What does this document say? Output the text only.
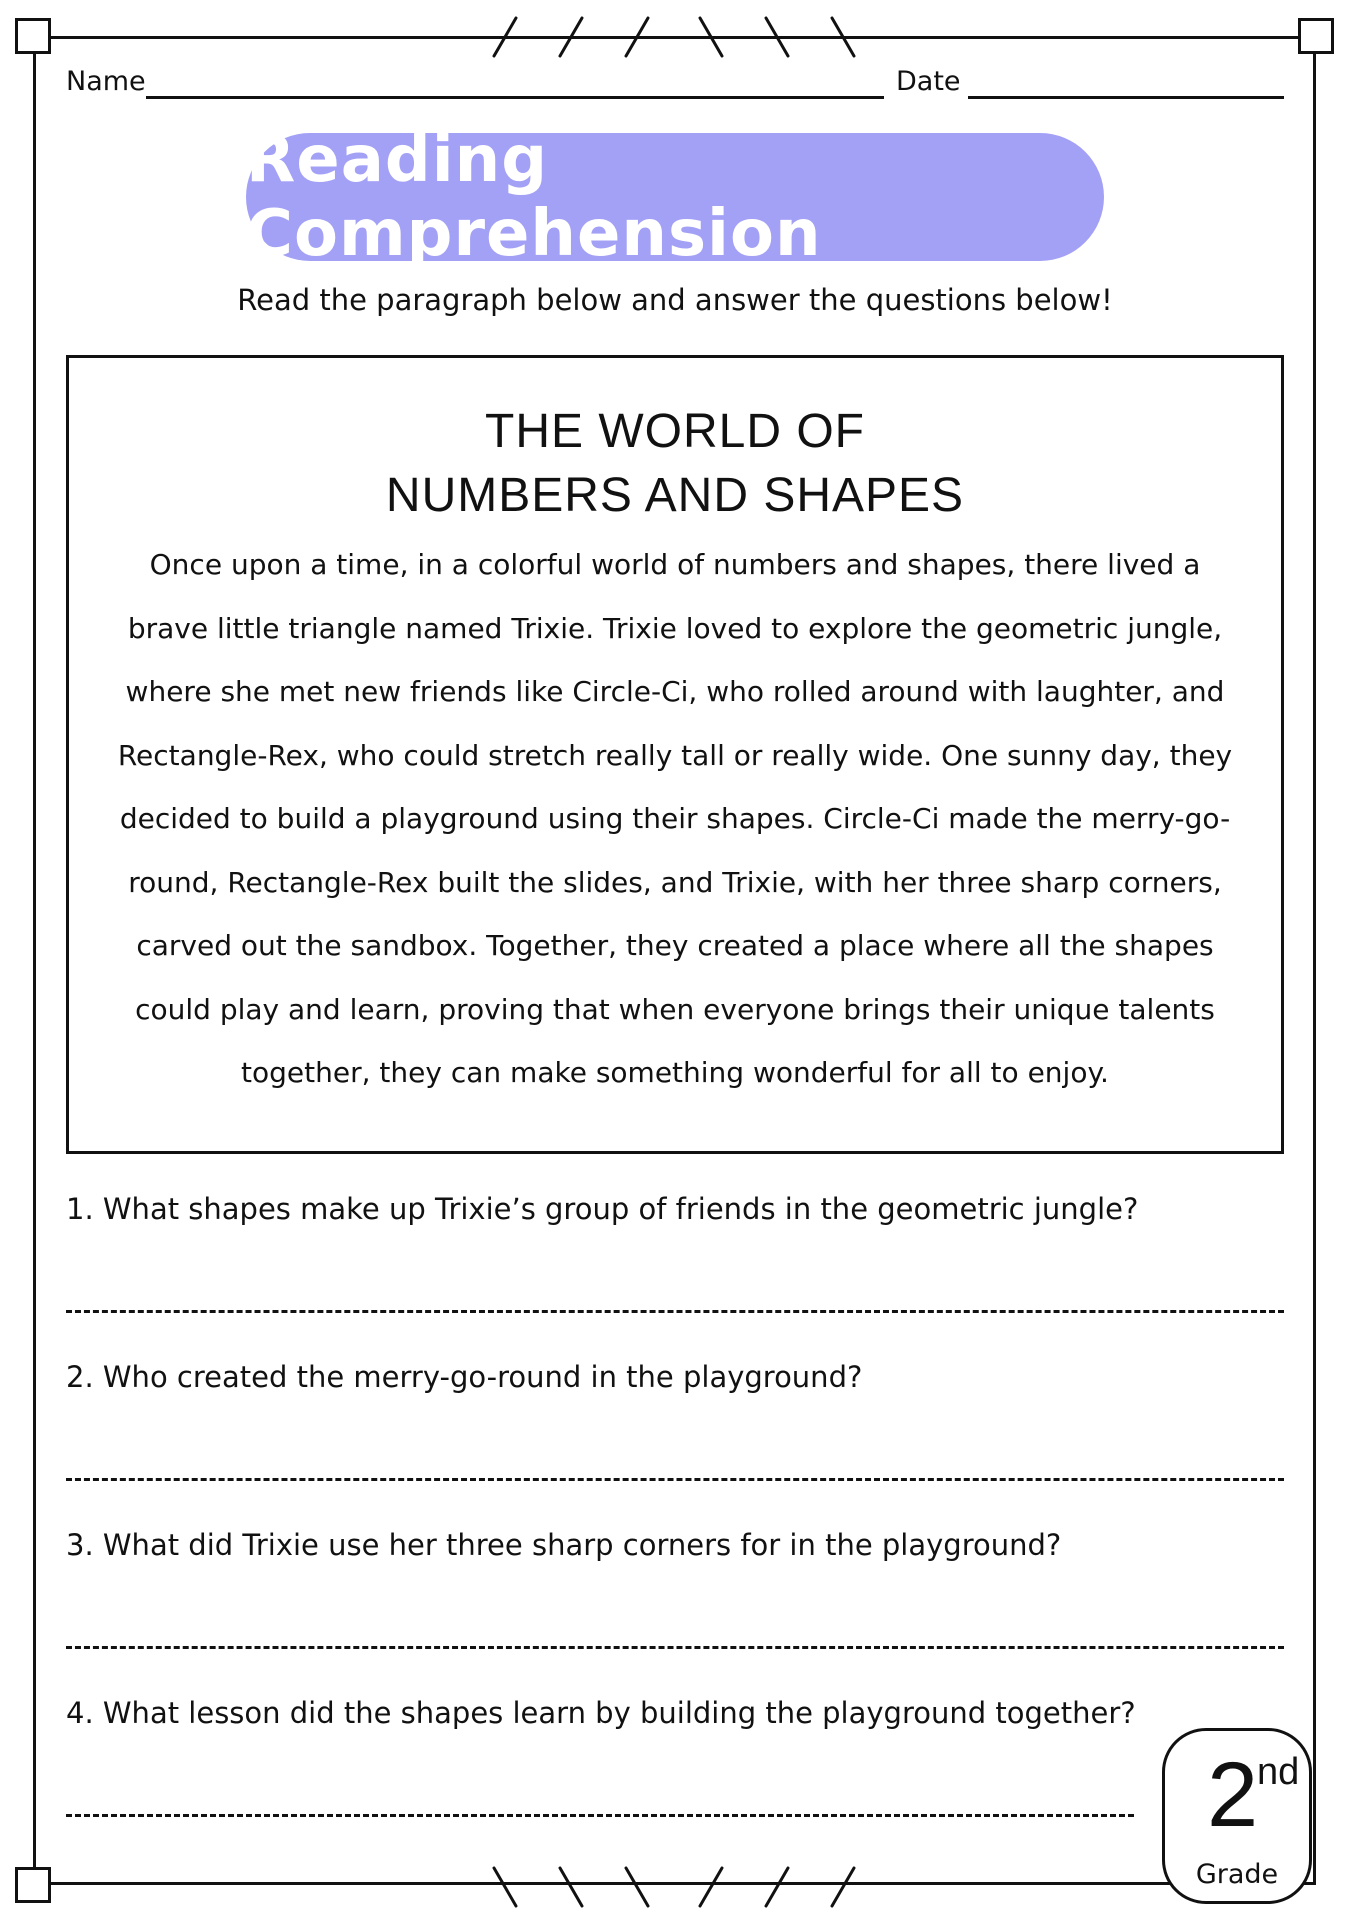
Name	Date
Reading Comprehension
Read the paragraph below and answer the questions below!
THE WORLD OF
NUMBERS AND SHAPES

Once upon a time, in a colorful world of numbers and shapes, there lived a brave little triangle named Trixie. Trixie loved to explore the geometric jungle, where she met new friends like Circle-Ci, who rolled around with laughter, and Rectangle-Rex, who could stretch really tall or really wide. One sunny day, they decided to build a playground using their shapes. Circle-Ci made the merry-go-round, Rectangle-Rex built the slides, and Trixie, with her three sharp corners, carved out the sandbox. Together, they created a place where all the shapes could play and learn, proving that when everyone brings their unique talents together, they can make something wonderful for all to enjoy.

1. What shapes make up Trixie’s group of friends in the geometric jungle?
2. Who created the merry-go-round in the playground?
3. What did Trixie use her three sharp corners for in the playground?
4. What lesson did the shapes learn by building the playground together?
2
nd
Grade
